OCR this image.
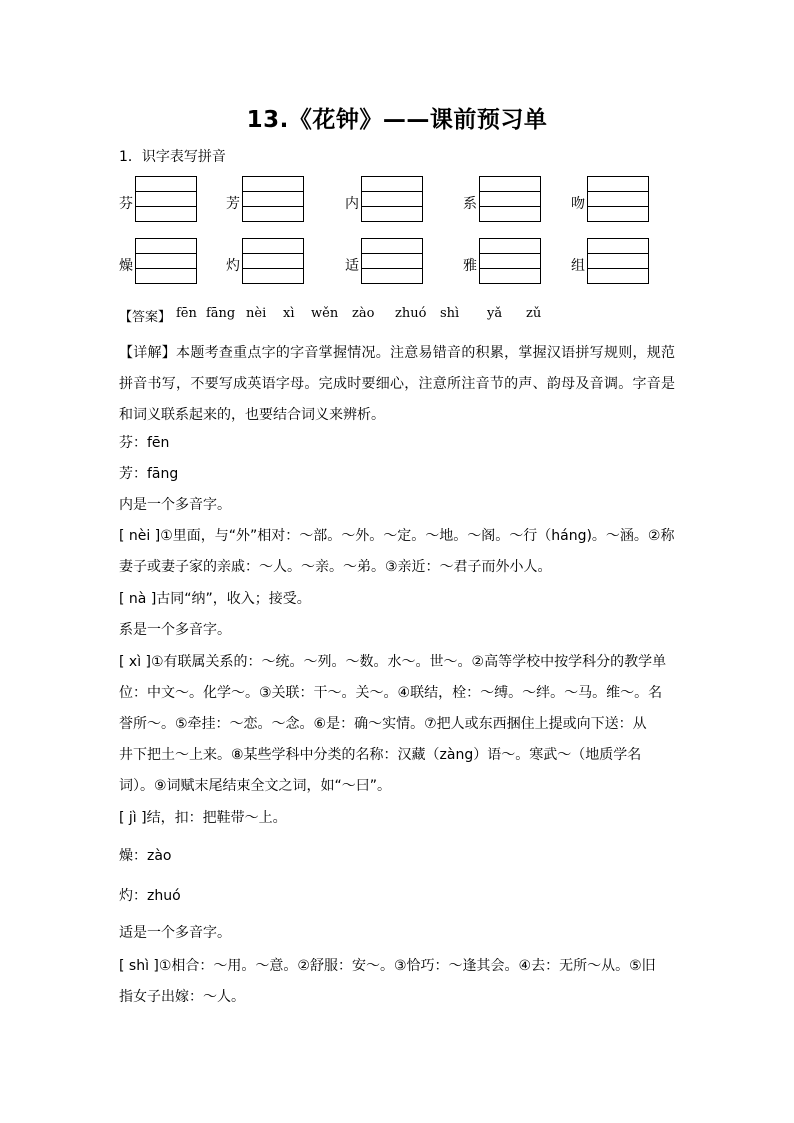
13.《花钟》——课前预习单
1．识字表写拼音
芬	芳	内	系	吻
燥	灼	适	雅	组
【答案】 fēn fāng nèi xì wěn zào zhuó shì yǎ zǔ
【详解】本题考查重点字的字音掌握情况。注意易错音的积累，掌握汉语拼写规则，规范拼音书写，不要写成英语字母。完成时要细心，注意所注音节的声、韵母及音调。字音是和词义联系起来的，也要结合词义来辨析。
芬：fēn
芳：fāng
内是一个多音字。
[ nèi ]①里面，与“外”相对：～部。～外。～定。～地。～阁。～行（háng)。～涵。②称
妻子或妻子家的亲戚：～人。～亲。～弟。③亲近：～君子而外小人。
[ nà ]古同“纳”，收入；接受。
系是一个多音字。
[ xì ]①有联属关系的：～统。～列。～数。水～。世～。②高等学校中按学科分的教学单
位：中文～。化学～。③关联：干～。关～。④联结，栓：～缚。～绊。～马。维～。名
誉所～。⑤牵挂：～恋。～念。⑥是：确～实情。⑦把人或东西捆住上提或向下送：从
井下把土～上来。⑧某些学科中分类的名称：汉藏（zàng）语～。寒武～（地质学名
词）。⑨词赋末尾结束全文之词，如“～曰”。
[ jì ]结，扣：把鞋带～上。
燥：zào
灼：zhuó
适是一个多音字。
[ shì ]①相合：～用。～意。②舒服：安～。③恰巧：～逢其会。④去：无所～从。⑤旧
指女子出嫁：～人。
